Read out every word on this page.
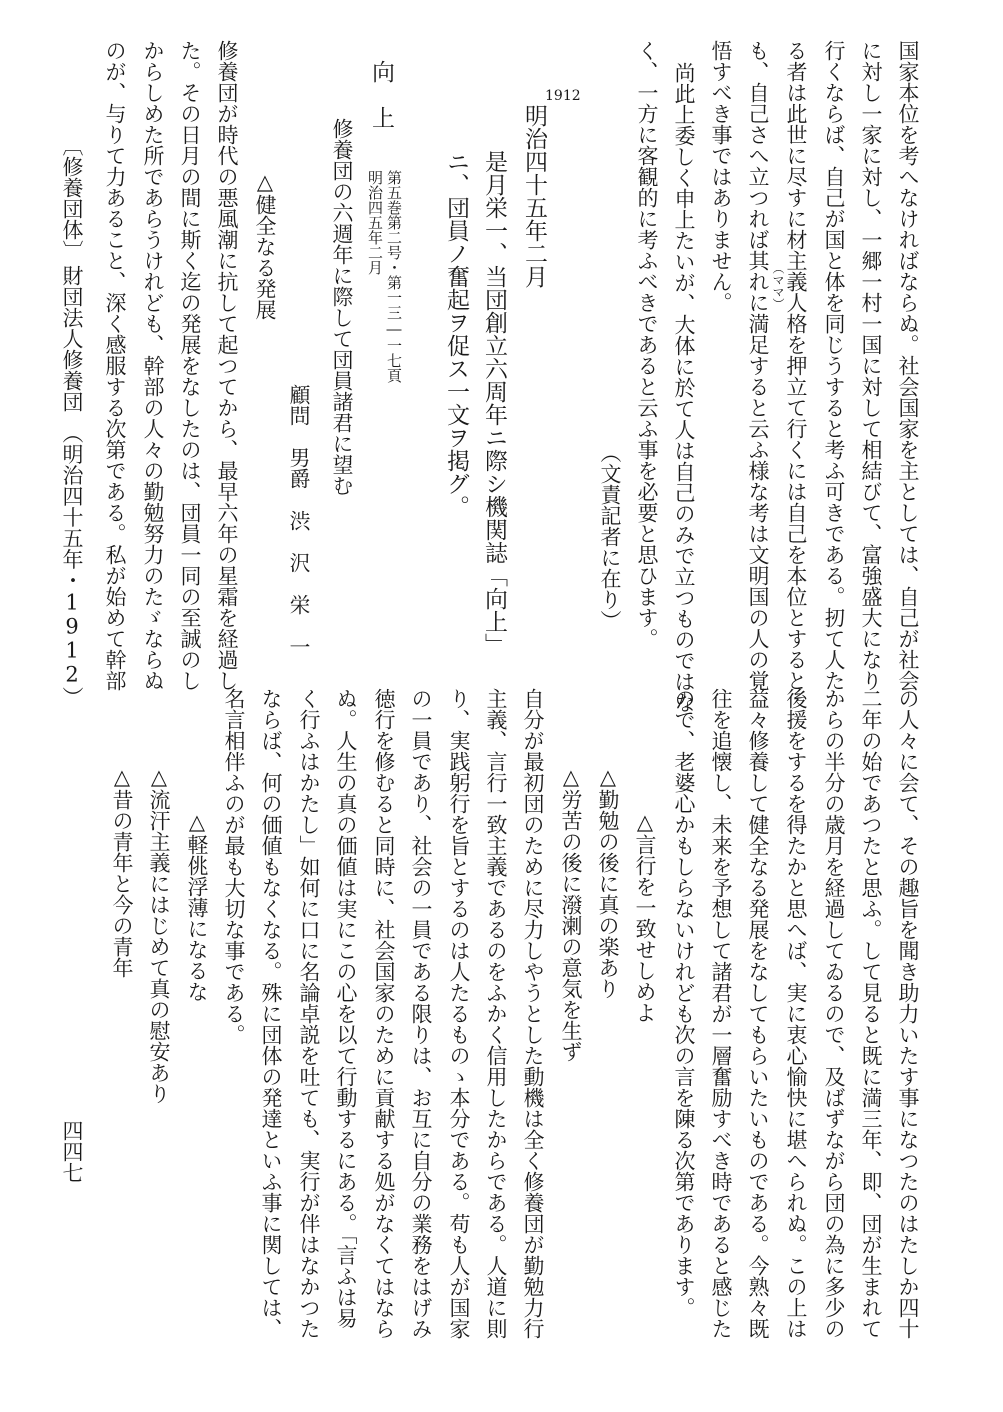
国家本位を考へなければならぬ。社会国家を主としては、自己が社会
に対し一家に対し、一郷一村一国に対して相結びて、富強盛大になり
行くならば、自己が国と体を同じうすると考ふ可きである。扨て人た
る者は此世に尽すに材主義人格を押立て行くには自己を本位とすると
（ママ）
も、自己さへ立つれば其れに満足すると云ふ様な考は文明国の人の覚
悟すべき事ではありません。
尚此上委しく申上たいが、大体に於て人は自己のみで立つものではな
く、一方に客観的に考ふべきであると云ふ事を必要と思ひます。
（文責記者に在り）
1912
明治四十五年二月
是月栄一、当団創立六周年ニ際シ機関誌「向上」
ニ、団員ノ奮起ヲ促ス一文ヲ掲グ。
向　上
第五巻第二号・第一三―一七頁
明治四五年二月
修養団の六週年に際して団員諸君に望む
顧問　男爵　渋　沢　栄　一
△健全なる発展
修養団が時代の悪風潮に抗して起つてから、最早六年の星霜を経過し
た。その日月の間に斯く迄の発展をなしたのは、団員一同の至誠のし
からしめた所であらうけれども、幹部の人々の勤勉努力のたゞならぬ
のが、与りて力あること、深く感服する次第である。私が始めて幹部
〔修養団体〕
財団法人修養団　（明治四十五年・1912）
の人々に会て、その趣旨を聞き助力いたす事になつたのはたしか四十
二年の始であつたと思ふ。して見ると既に満三年、即、団が生まれて
からの半分の歳月を経過してゐるので、及ばずながら団の為に多少の
後援をするを得たかと思へば、実に衷心愉快に堪へられぬ。この上は
益々修養して健全なる発展をなしてもらいたいものである。今熟々既
往を追懐し、未来を予想して諸君が一層奮励すべき時であると感じた
ので、老婆心かもしらないけれども次の言を陳る次第であります。
△言行を一致せしめよ
△勤勉の後に真の楽あり
△労苦の後に潑溂の意気を生ず
自分が最初団のために尽力しやうとした動機は全く修養団が勤勉力行
主義、言行一致主義であるのをふかく信用したからである。人道に則
り、実践躬行を旨とするのは人たるものゝ本分である。苟も人が国家
の一員であり、社会の一員である限りは、お互に自分の業務をはげみ
徳行を修むると同時に、社会国家のために貢献する処がなくてはなら
ぬ。人生の真の価値は実にこの心を以て行動するにある。「言ふは易
く行ふはかたし」如何に口に名論卓説を吐ても、実行が伴はなかつた
ならば、何の価値もなくなる。殊に団体の発達といふ事に関しては、
名言相伴ふのが最も大切な事である。
△軽佻浮薄になるな
△流汗主義にはじめて真の慰安あり
△昔の青年と今の青年
四四七
